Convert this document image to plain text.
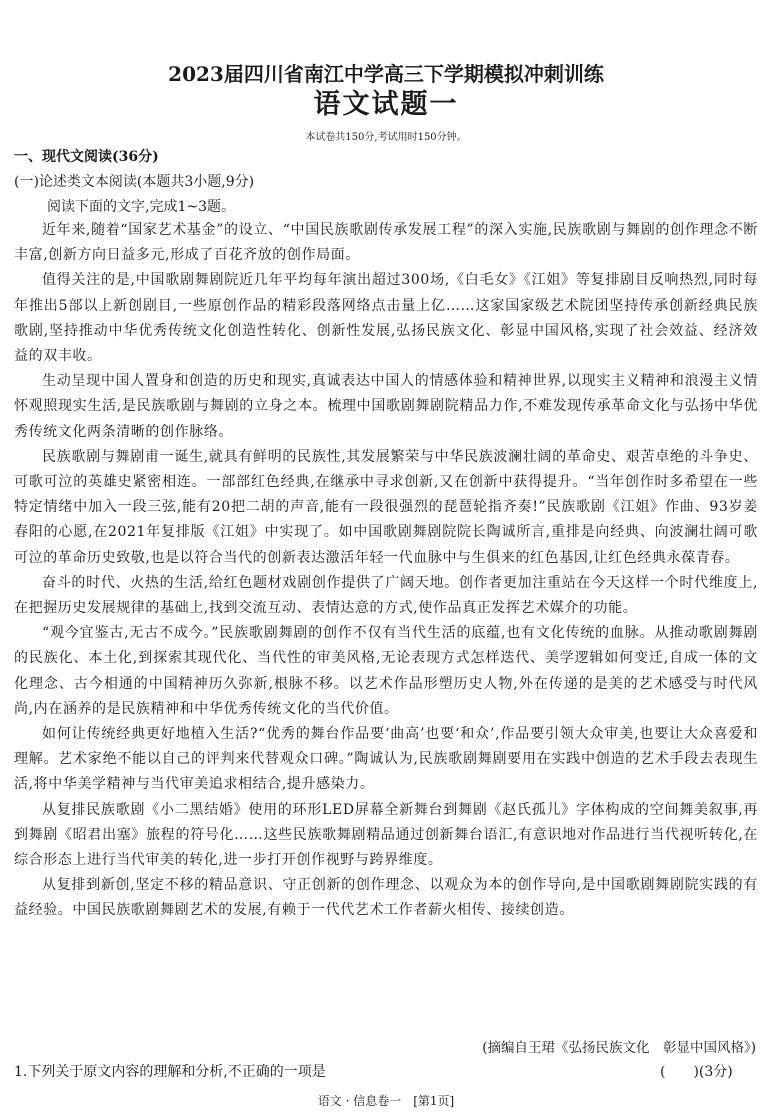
2023届四川省南江中学高三下学期模拟冲刺训练
语文试题一
本试卷共150分,考试用时150分钟。
一、现代文阅读(36分)
(一)论述类文本阅读(本题共3小题,9分)
阅读下面的文字,完成1~3题。

近年来,随着“国家艺术基金”的设立、“中国民族歌剧传承发展工程”的深入实施,民族歌剧与舞剧的创作理念不断丰富,创新方向日益多元,形成了百花齐放的创作局面。

值得关注的是,中国歌剧舞剧院近几年平均每年演出超过300场,《白毛女》《江姐》等复排剧目反响热烈,同时每年推出5部以上新创剧目,一些原创作品的精彩段落网络点击量上亿……这家国家级艺术院团坚持传承创新经典民族歌剧,坚持推动中华优秀传统文化创造性转化、创新性发展,弘扬民族文化、彰显中国风格,实现了社会效益、经济效益的双丰收。

生动呈现中国人置身和创造的历史和现实,真诚表达中国人的情感体验和精神世界,以现实主义精神和浪漫主义情怀观照现实生活,是民族歌剧与舞剧的立身之本。梳理中国歌剧舞剧院精品力作,不难发现传承革命文化与弘扬中华优秀传统文化两条清晰的创作脉络。

民族歌剧与舞剧甫一诞生,就具有鲜明的民族性,其发展繁荣与中华民族波澜壮阔的革命史、艰苦卓绝的斗争史、可歌可泣的英雄史紧密相连。一部部红色经典,在继承中寻求创新,又在创新中获得提升。“当年创作时多希望在一些特定情绪中加入一段三弦,能有20把二胡的声音,能有一段很强烈的琵琶轮指齐奏!”民族歌剧《江姐》作曲、93岁姜春阳的心愿,在2021年复排版《江姐》中实现了。如中国歌剧舞剧院院长陶诚所言,重排是向经典、向波澜壮阔可歌可泣的革命历史致敬,也是以符合当代的创新表达激活年轻一代血脉中与生俱来的红色基因,让红色经典永葆青春。

奋斗的时代、火热的生活,给红色题材戏剧创作提供了广阔天地。创作者更加注重站在今天这样一个时代维度上,在把握历史发展规律的基础上,找到交流互动、表情达意的方式,使作品真正发挥艺术媒介的功能。

“观今宜鉴古,无古不成今。”民族歌剧舞剧的创作不仅有当代生活的底蕴,也有文化传统的血脉。从推动歌剧舞剧的民族化、本土化,到探索其现代化、当代性的审美风格,无论表现方式怎样迭代、美学逻辑如何变迁,自成一体的文化理念、古今相通的中国精神历久弥新,根脉不移。以艺术作品形塑历史人物,外在传递的是美的艺术感受与时代风尚,内在涵养的是民族精神和中华优秀传统文化的当代价值。

如何让传统经典更好地植入生活?“优秀的舞台作品要‘曲高’也要‘和众’,作品要引领大众审美,也要让大众喜爱和理解。艺术家绝不能以自己的评判来代替观众口碑。”陶诚认为,民族歌剧舞剧要用在实践中创造的艺术手段去表现生活,将中华美学精神与当代审美追求相结合,提升感染力。

从复排民族歌剧《小二黑结婚》使用的环形LED屏幕全新舞台到舞剧《赵氏孤儿》字体构成的空间舞美叙事,再到舞剧《昭君出塞》旅程的符号化……这些民族歌舞剧精品通过创新舞台语汇,有意识地对作品进行当代视听转化,在综合形态上进行当代审美的转化,进一步打开创作视野与跨界维度。

从复排到新创,坚定不移的精品意识、守正创新的创作理念、以观众为本的创作导向,是中国歌剧舞剧院实践的有益经验。中国民族歌剧舞剧艺术的发展,有赖于一代代艺术工作者薪火相传、接续创造。

(摘编自王珺《弘扬民族文化　彰显中国风格》)
1.下列关于原文内容的理解和分析,不正确的一项是	(　　)(3分)
语文 · 信息卷一　[第1页]
